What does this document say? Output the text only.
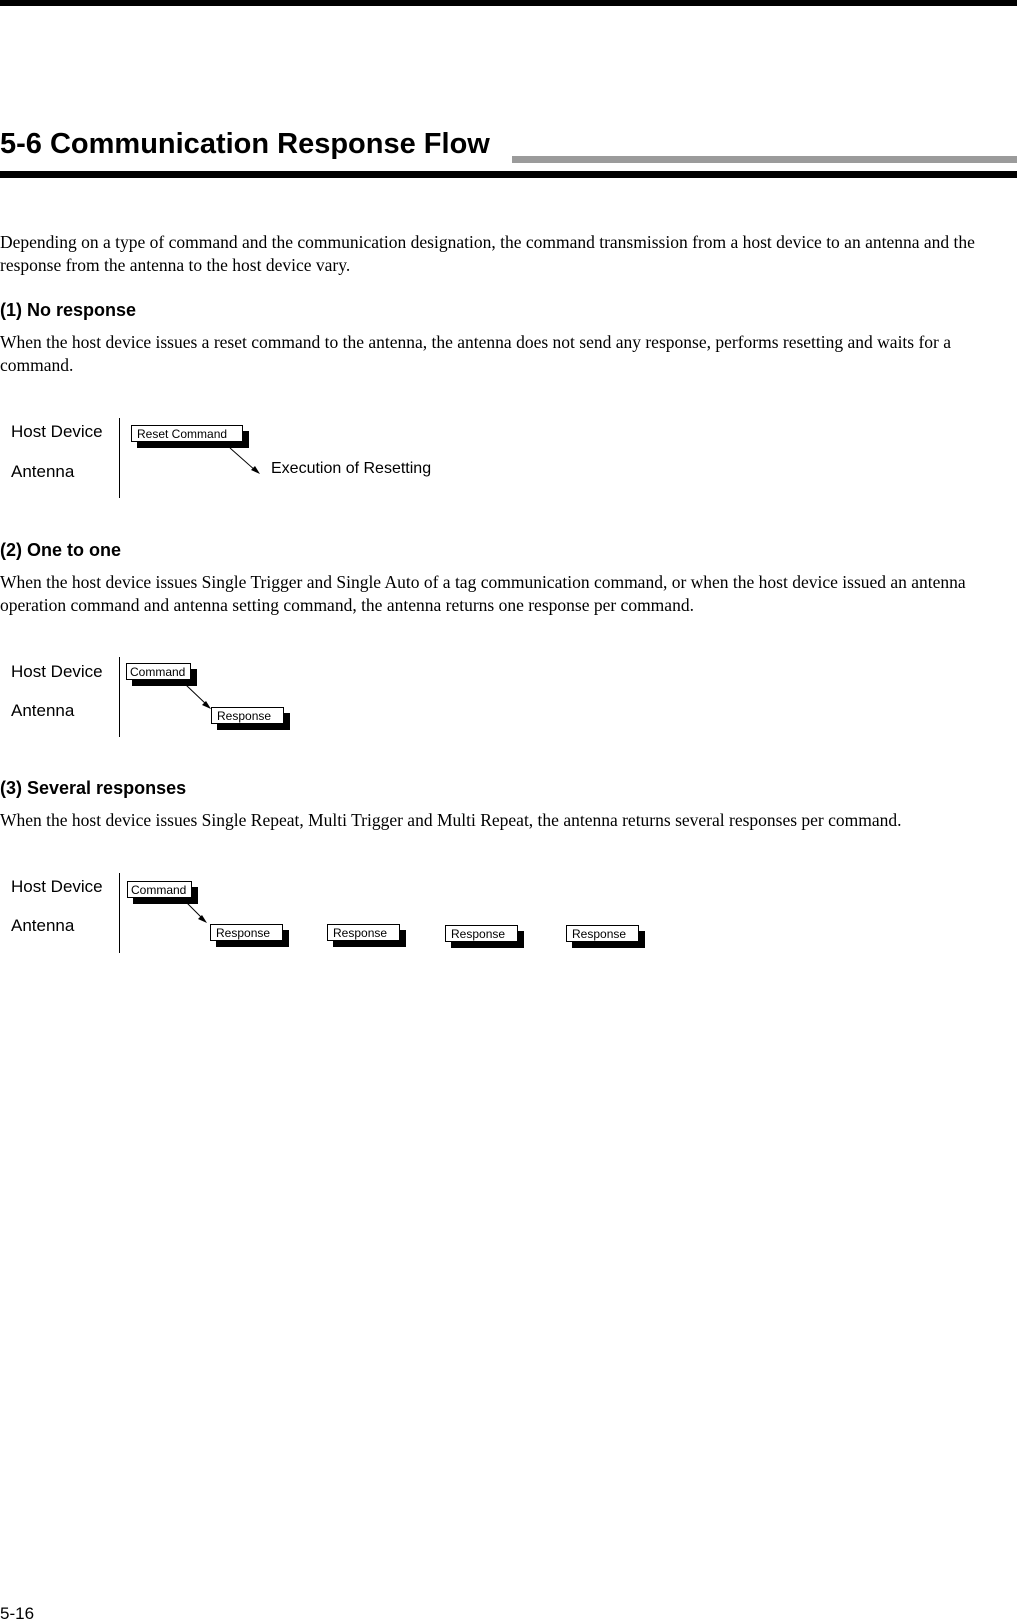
5-6 Communication Response Flow

Depending on a type of command and the communication designation, the command transmission from a host device to an antenna and the response from the antenna to the host device vary.

(1) No response

When the host device issues a reset command to the antenna, the antenna does not send any response, performs resetting and waits for a command.

Host Device
Antenna
Reset Command
Execution of Resetting
(2) One to one

When the host device issues Single Trigger and Single Auto of a tag communication command, or when the host device issued an antenna operation command and antenna setting command, the antenna returns one response per command.

Host Device
Antenna
Command
Response
(3) Several responses

When the host device issues Single Repeat, Multi Trigger and Multi Repeat, the antenna returns several responses per command.

Host Device
Antenna
Command
Response	Response	Response	Response
5-16
